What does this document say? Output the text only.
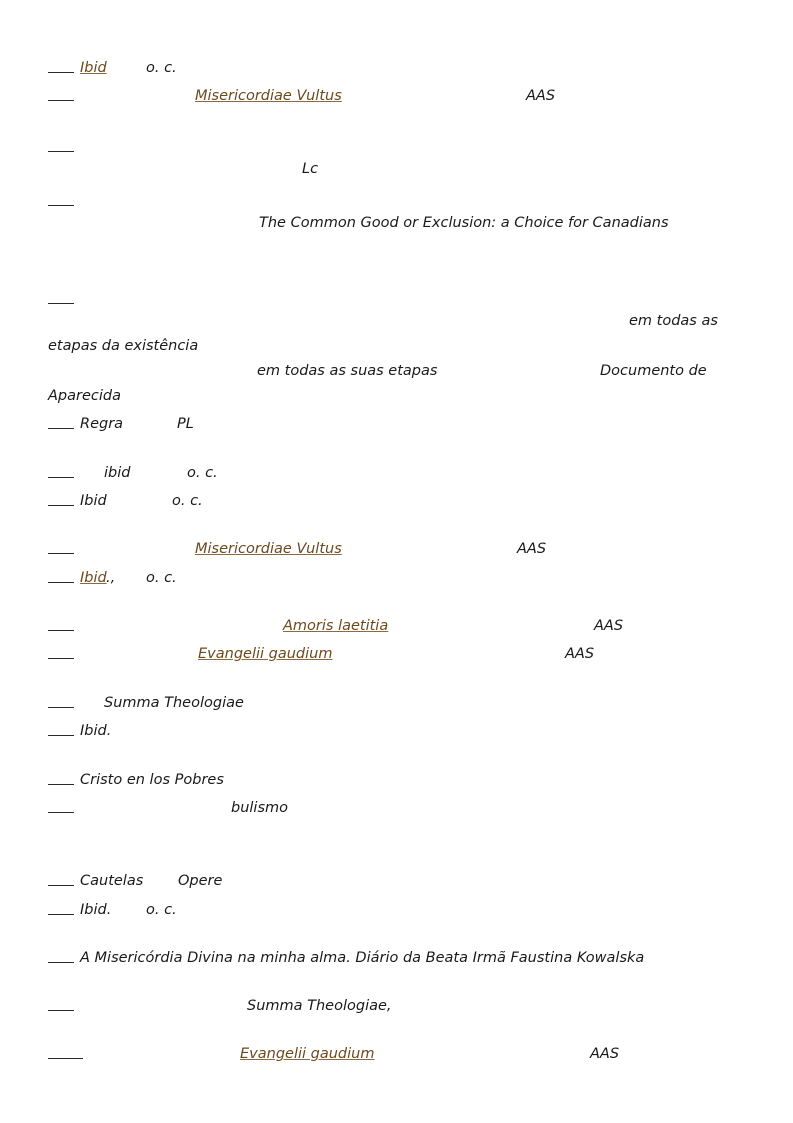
Ibid	o. c.
Misericordiae Vultus	AAS
Lc
The Common Good or Exclusion: a Choice for Canadians
em todas as
etapas da existência
em todas as suas etapas	Documento de
Aparecida
Regra	PL
ibid	o. c.
Ibid	o. c.
Misericordiae Vultus	AAS
Ibid ., o. c.
Amoris laetitia	AAS
Evangelii gaudium	AAS
Summa Theologiae
Ibid.
Cristo en los Pobres
bulismo
Cautelas Opere
Ibid. o. c.
A Misericórdia Divina na minha alma. Diário da Beata Irmã Faustina Kowalska
Summa Theologiae,
Evangelii gaudium	AAS
